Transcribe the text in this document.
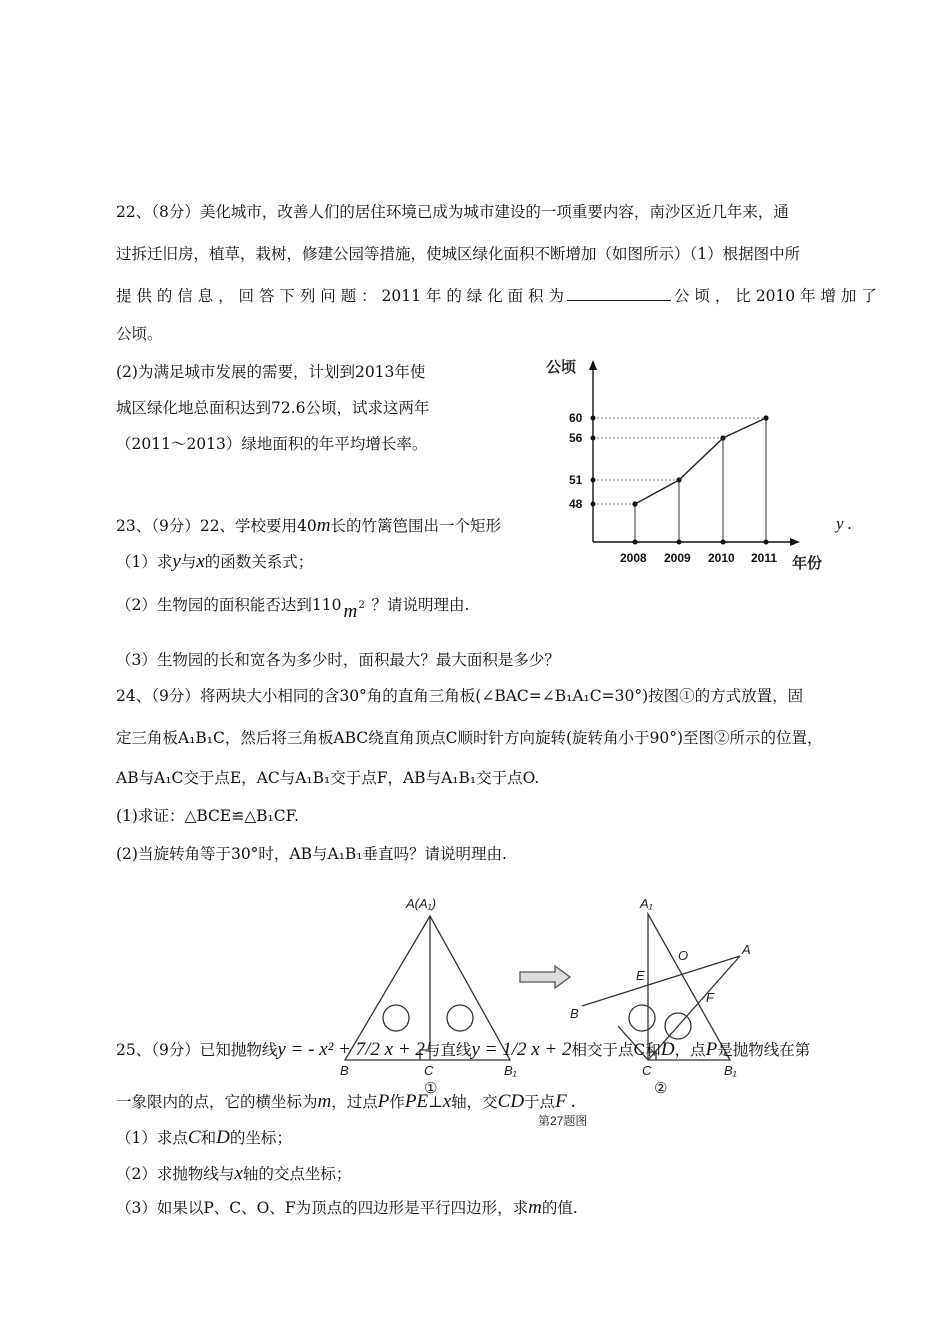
22、（8分）美化城市，改善人们的居住环境已成为城市建设的一项重要内容，南沙区近几年来，通
过拆迁旧房，植草，栽树，修建公园等措施，使城区绿化面积不断增加（如图所示）（1）根据图中所
提 供 的 信 息 ， 回 答 下 列 问 题 ： 2011 年 的 绿 化 面 积 为	公 顷 ， 比 2010 年 增 加 了
公顷。
(2)为满足城市发展的需要，计划到2013年使
城区绿化地总面积达到72.6公顷，试求这两年
（2011～2013）绿地面积的年平均增长率。
公顷
年份
48
2008
51
2009
56
2010
60
2011
23、（9分）22、学校要用40m长的竹篱笆围出一个矩形	y .
（1）求y与x的函数关系式；
（2）生物园的面积能否达到110 m 2 ？请说明理由.
（3）生物园的长和宽各为多少时，面积最大？最大面积是多少？
24、（9分）将两块大小相同的含30°角的直角三角板(∠BAC=∠B₁A₁C=30°)按图①的方式放置，固
定三角板A₁B₁C，然后将三角板ABC绕直角顶点C顺时针方向旋转(旋转角小于90°)至图②所示的位置，
AB与A₁C交于点E，AC与A₁B₁交于点F，AB与A₁B₁交于点O.
(1)求证：△BCE≌△B₁CF.
(2)当旋转角等于30°时，AB与A₁B₁垂直吗？请说明理由.
A(A₁)
B	C	B₁
①
A₁
O	A
E
F
B
C	B₁
②
第27题图
25、（9分）已知抛物线y = - x² + 7/2 x + 2与直线y = 1/2 x + 2相交于点C和D，点P是抛物线在第
一象限内的点，它的横坐标为m，过点P作PE⊥x轴，交CD于点F .
（1）求点C和D的坐标；
（2）求抛物线与x轴的交点坐标；
（3）如果以P、C、O、F为顶点的四边形是平行四边形，求m的值.
